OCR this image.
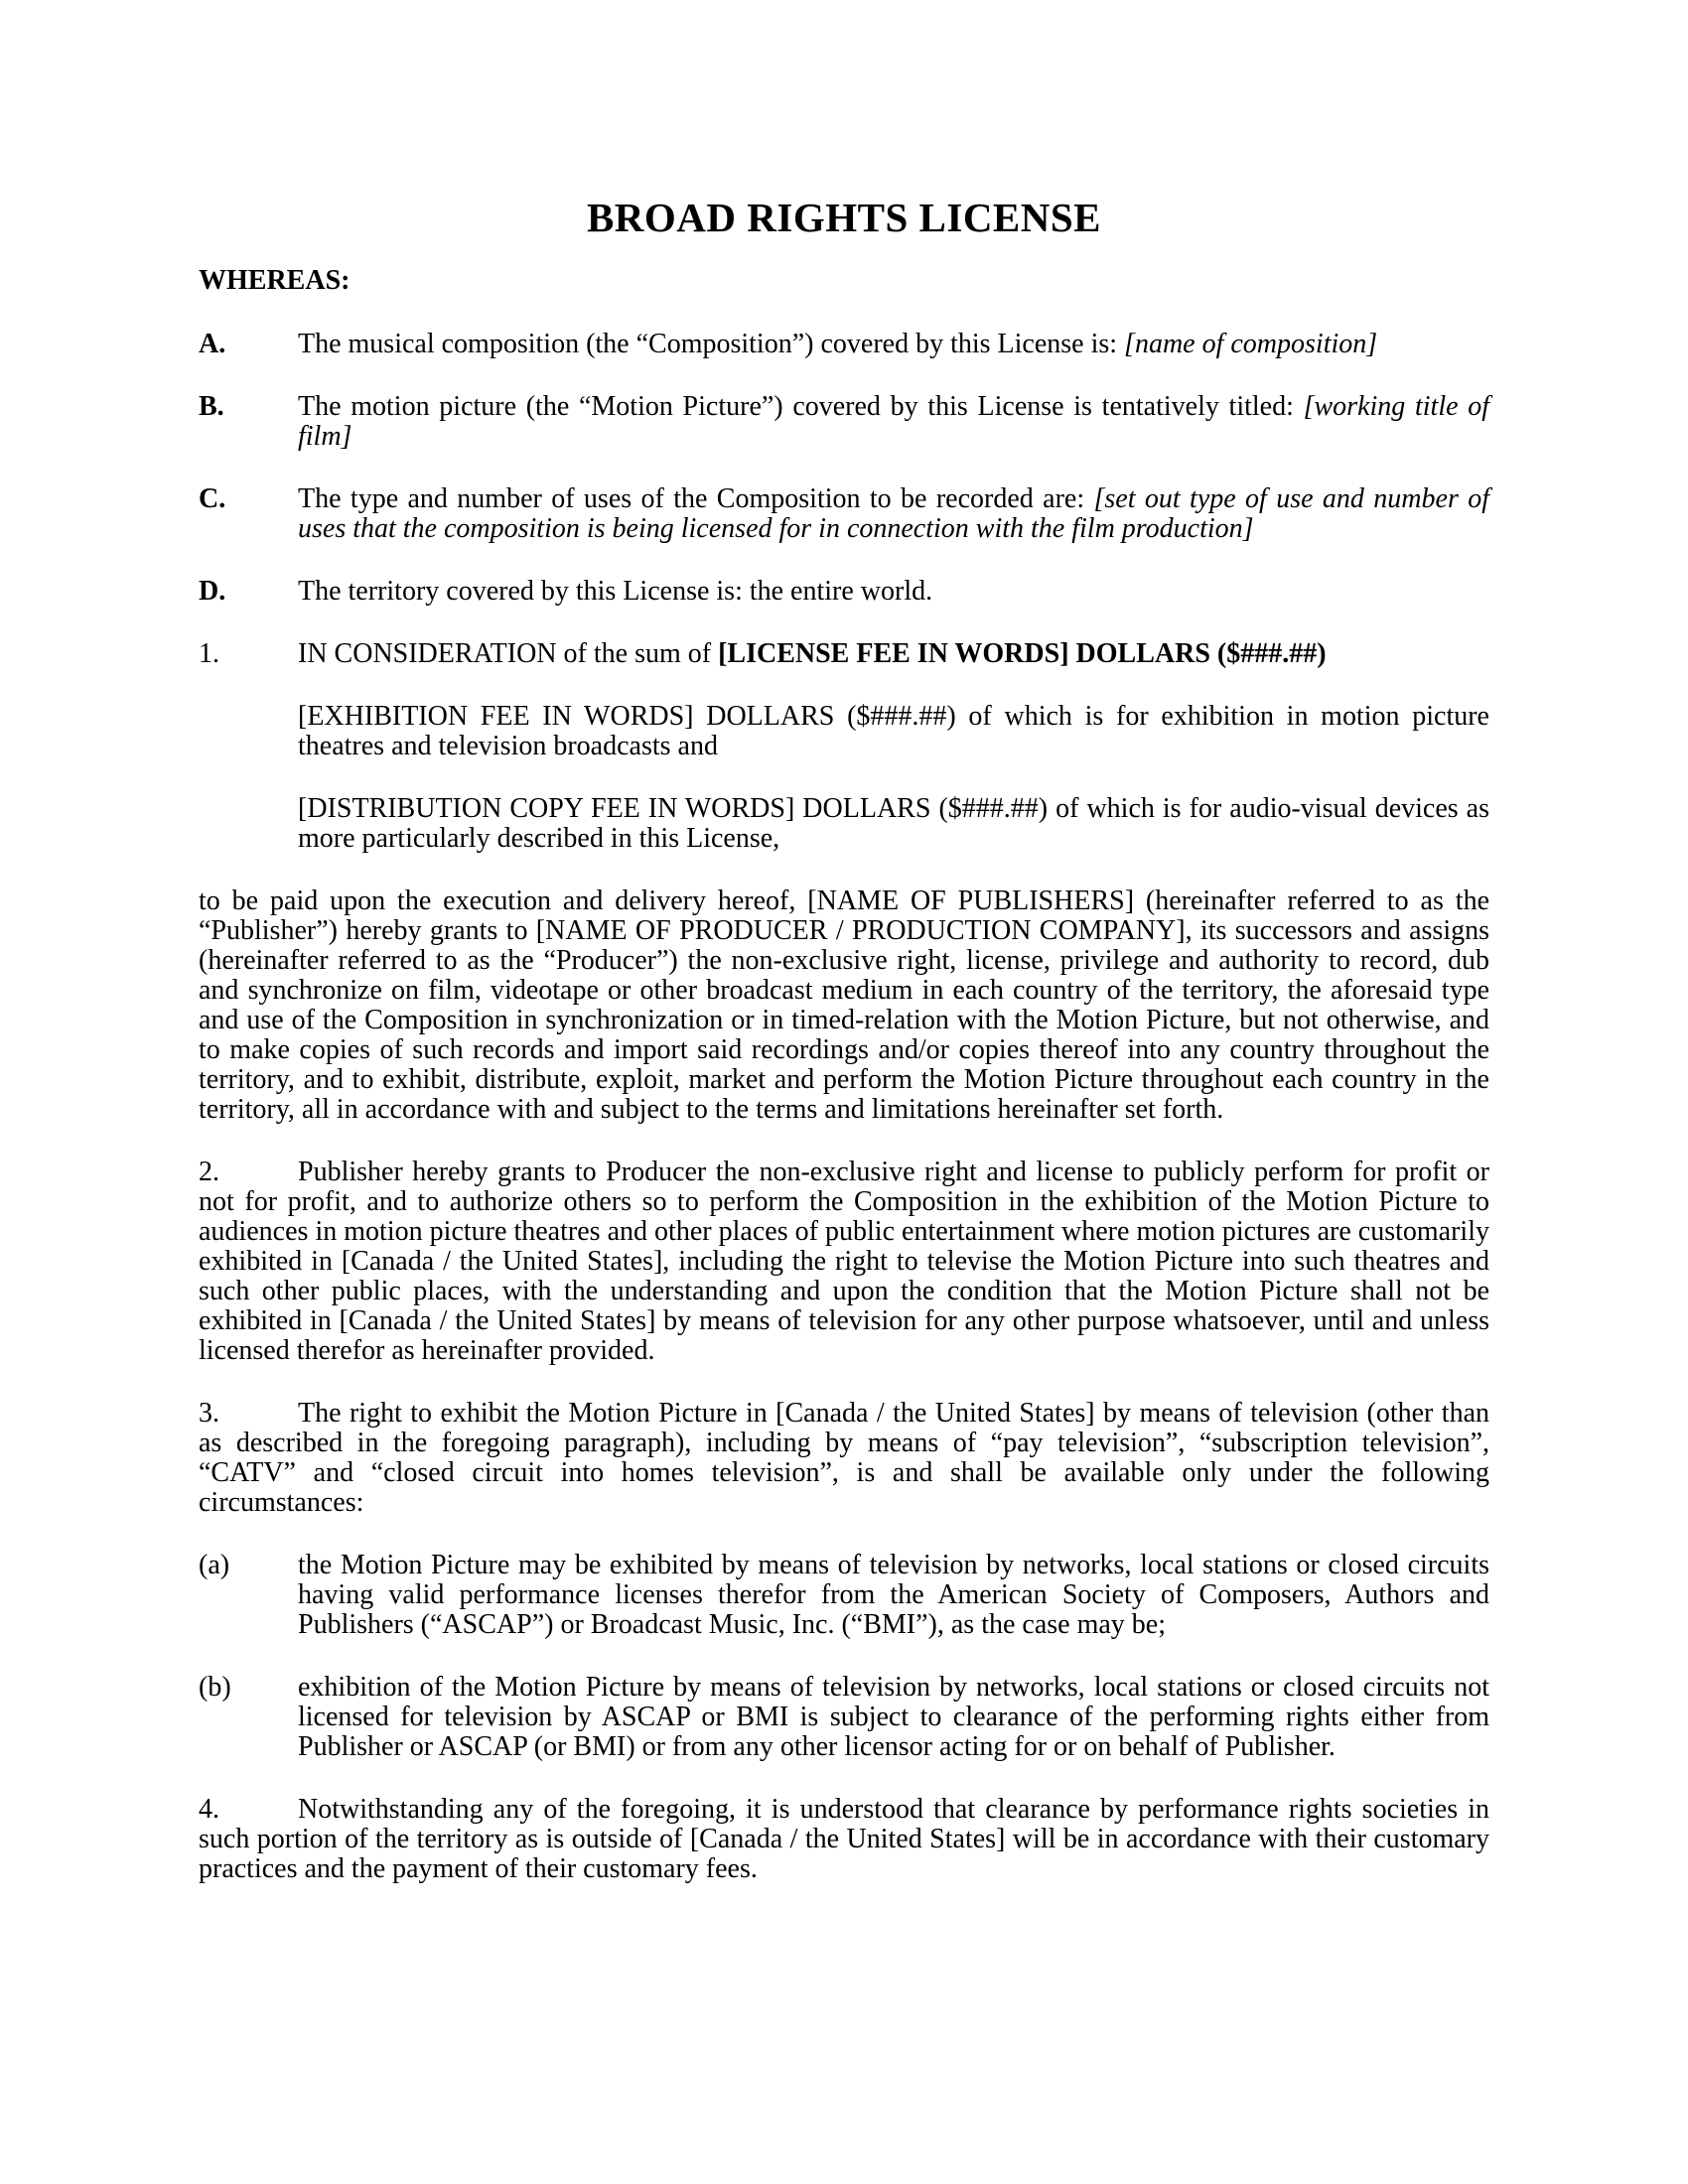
BROAD RIGHTS LICENSE

WHEREAS:

A.	The musical composition (the “Composition”) covered by this License is: [name of composition]
B.	The motion picture (the “Motion Picture”) covered by this License is tentatively titled: [working title of film]
C.	The type and number of uses of the Composition to be recorded are: [set out type of use and number of uses that the composition is being licensed for in connection with the film production]
D.	The territory covered by this License is: the entire world.
1.	IN CONSIDERATION of the sum of [LICENSE FEE IN WORDS] DOLLARS ($###.##)
[EXHIBITION FEE IN WORDS] DOLLARS ($###.##) of which is for exhibition in motion picture theatres and television broadcasts and
[DISTRIBUTION COPY FEE IN WORDS] DOLLARS ($###.##) of which is for audio-visual devices as more particularly described in this License,

to be paid upon the execution and delivery hereof, [NAME OF PUBLISHERS] (hereinafter referred to as the “Publisher”) hereby grants to [NAME OF PRODUCER / PRODUCTION COMPANY], its successors and assigns (hereinafter referred to as the “Producer”) the non-exclusive right, license, privilege and authority to record, dub and synchronize on film, videotape or other broadcast medium in each country of the territory, the aforesaid type and use of the Composition in synchronization or in timed-relation with the Motion Picture, but not otherwise, and to make copies of such records and import said recordings and/or copies thereof into any country throughout the territory, and to exhibit, distribute, exploit, market and perform the Motion Picture throughout each country in the territory, all in accordance with and subject to the terms and limitations hereinafter set forth.

2.	Publisher hereby grants to Producer the non-exclusive right and license to publicly perform for profit or not for profit, and to authorize others so to perform the Composition in the exhibition of the Motion Picture to audiences in motion picture theatres and other places of public entertainment where motion pictures are customarily exhibited in [Canada / the United States], including the right to televise the Motion Picture into such theatres and such other public places, with the understanding and upon the condition that the Motion Picture shall not be exhibited in [Canada / the United States] by means of television for any other purpose whatsoever, until and unless licensed therefor as hereinafter provided.

3.	The right to exhibit the Motion Picture in [Canada / the United States] by means of television (other than as described in the foregoing paragraph), including by means of “pay television”, “subscription television”, “CATV” and “closed circuit into homes television”, is and shall be available only under the following circumstances:

(a)	the Motion Picture may be exhibited by means of television by networks, local stations or closed circuits having valid performance licenses therefor from the American Society of Composers, Authors and Publishers (“ASCAP”) or Broadcast Music, Inc. (“BMI”), as the case may be;
(b)	exhibition of the Motion Picture by means of television by networks, local stations or closed circuits not licensed for television by ASCAP or BMI is subject to clearance of the performing rights either from Publisher or ASCAP (or BMI) or from any other licensor acting for or on behalf of Publisher.

4.	Notwithstanding any of the foregoing, it is understood that clearance by performance rights societies in such portion of the territory as is outside of [Canada / the United States] will be in accordance with their customary practices and the payment of their customary fees.
